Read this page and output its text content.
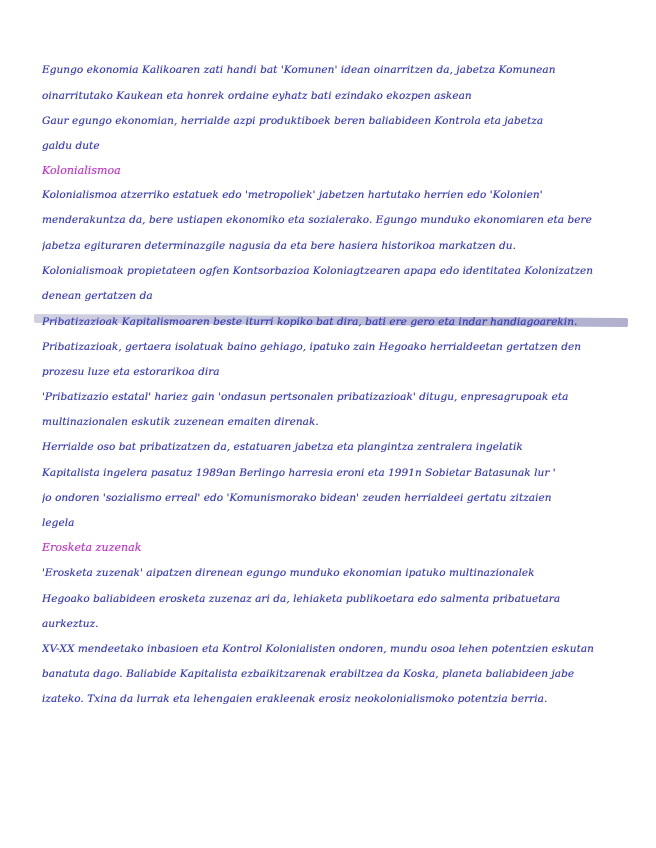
Egungo ekonomia Kalikoaren zati handi bat 'Komunen' idean oinarritzen da, jabetza Komunean
oinarritutako Kaukean eta honrek ordaine eyhatz bati ezindako ekozpen askean
Gaur egungo ekonomian, herrialde azpi produktiboek beren baliabideen Kontrola eta jabetza
galdu dute
Kolonialismoa
Kolonialismoa atzerriko estatuek edo 'metropoliek' jabetzen hartutako herrien edo 'Kolonien'
menderakuntza da, bere ustiapen ekonomiko eta sozialerako. Egungo munduko ekonomiaren eta bere
jabetza egituraren determinazgile nagusia da eta bere hasiera historikoa markatzen du.
Kolonialismoak propietateen ogfen Kontsorbazioa Koloniagtzearen apapa edo identitatea Kolonizatzen
denean gertatzen da
Pribatizazioak Kapitalismoaren beste iturri kopiko bat dira, bati ere gero eta indar handiagoarekin.
Pribatizazioak, gertaera isolatuak baino gehiago, ipatuko zain Hegoako herrialdeetan gertatzen den
prozesu luze eta estorarikoa dira
'Pribatizazio estatal' hariez gain 'ondasun pertsonalen pribatizazioak' ditugu, enpresagrupoak eta
multinazionalen eskutik zuzenean emaiten direnak.
Herrialde oso bat pribatizatzen da, estatuaren jabetza eta plangintza zentralera ingelatik
Kapitalista ingelera pasatuz 1989an Berlingo harresia eroni eta 1991n Sobietar Batasunak lur '
jo ondoren 'sozialismo erreal' edo 'Komunismorako bidean' zeuden herrialdeei gertatu zitzaien
legela
Erosketa zuzenak
'Erosketa zuzenak' aipatzen direnean egungo munduko ekonomian ipatuko multinazionalek
Hegoako baliabideen erosketa zuzenaz ari da, lehiaketa publikoetara edo salmenta pribatuetara
aurkeztuz.
XV-XX mendeetako inbasioen eta Kontrol Kolonialisten ondoren, mundu osoa lehen potentzien eskutan
banatuta dago. Baliabide Kapitalista ezbaikitzarenak erabiltzea da Koska, planeta baliabideen jabe
izateko. Txina da lurrak eta lehengaien erakleenak erosiz neokolonialismoko potentzia berria.
